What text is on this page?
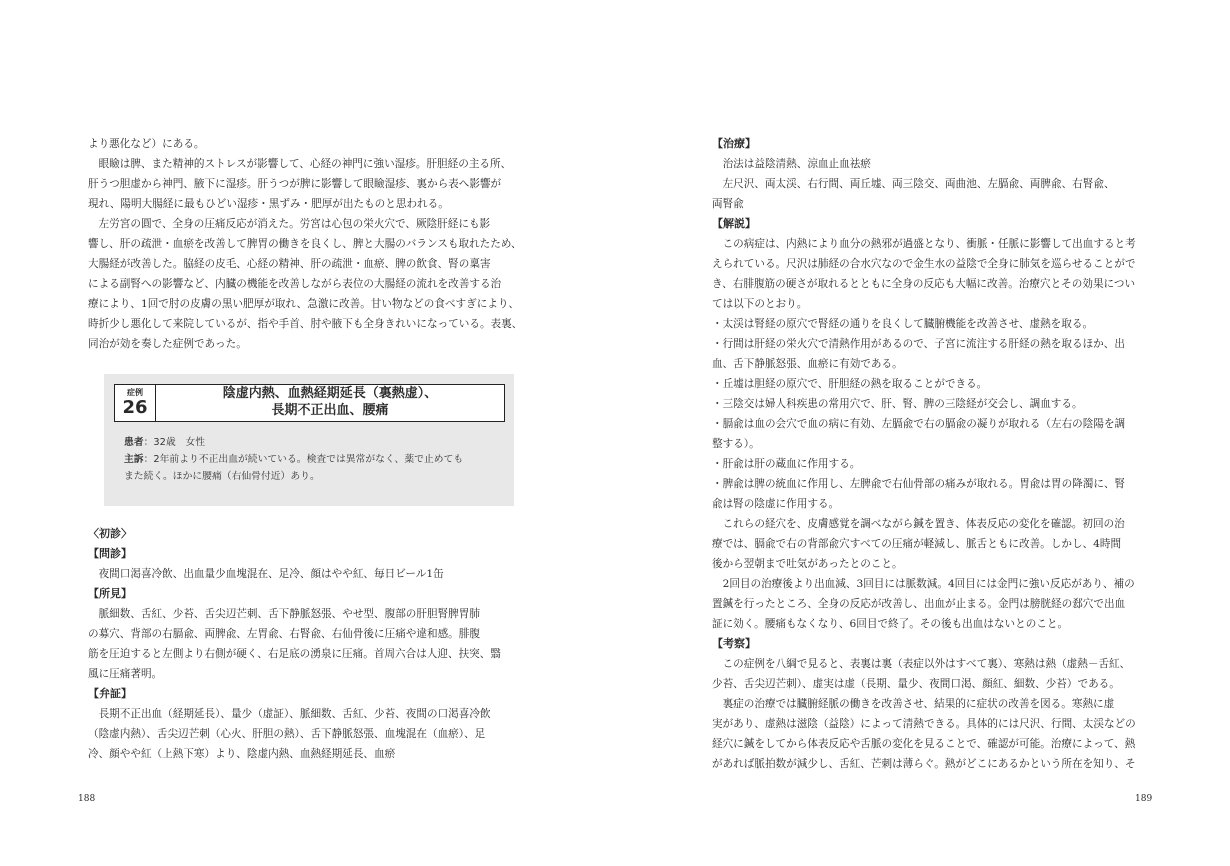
より悪化など）にある。

　眼瞼は脾、また精神的ストレスが影響して、心経の神門に強い湿疹。肝胆経の主る所、

肝うつ胆虚から神門、腋下に湿疹。肝うつが脾に影響して眼瞼湿疹、裏から表へ影響が

現れ、陽明大腸経に最もひどい湿疹・黒ずみ・肥厚が出たものと思われる。

　左労宮の圓で、全身の圧痛反応が消えた。労宮は心包の栄火穴で、厥陰肝経にも影

響し、肝の疏泄・血瘀を改善して脾胃の働きを良くし、脾と大腸のバランスも取れたため、

大腸経が改善した。脇経の皮毛、心経の精神、肝の疏泄・血瘀、脾の飲食、腎の稟害

による副腎への影響など、内臓の機能を改善しながら表位の大腸経の流れを改善する治

療により、1回で肘の皮膚の黒い肥厚が取れ、急激に改善。甘い物などの食べすぎにより、

時折少し悪化して来院しているが、指や手首、肘や腋下も全身きれいになっている。表裏、

同治が効を奏した症例であった。

症例
26
陰虚内熱、血熱経期延長（裏熱虚）、
長期不正出血、腰痛
患者：32歳　女性
主訴：2年前より不正出血が続いている。検査では異常がなく、薬で止めても
また続く。ほかに腰痛（右仙骨付近）あり。

〈初診〉

【問診】

　夜間口渇喜冷飲、出血量少血塊混在、足冷、顔はやや紅、毎日ビール1缶

【所見】

　脈細数、舌紅、少苔、舌尖辺芒刺、舌下静脈怒張、やせ型、腹部の肝胆腎脾胃肺

の募穴、背部の右膈兪、両脾兪、左胃兪、右腎兪、右仙骨後に圧痛や違和感。腓腹

筋を圧迫すると左側より右側が硬く、右足底の湧泉に圧痛。首周六合は人迎、扶突、翳

風に圧痛著明。

【弁証】

　長期不正出血（経期延長）、量少（虚証）、脈細数、舌紅、少苔、夜間の口渇喜冷飲

（陰虚内熱）、舌尖辺芒刺（心火、肝胆の熱）、舌下静脈怒張、血塊混在（血瘀）、足

冷、顔やや紅（上熱下寒）より、陰虚内熱、血熱経期延長、血瘀

188

【治療】

　治法は益陰清熱、涼血止血祛瘀

　左尺沢、両太渓、右行間、両丘墟、両三陰交、両曲池、左膈兪、両脾兪、右腎兪、

両腎兪

【解説】

　この病症は、内熱により血分の熱邪が過盛となり、衝脈・任脈に影響して出血すると考

えられている。尺沢は肺経の合水穴なので金生水の益陰で全身に肺気を巡らせることがで

き、右腓腹筋の硬さが取れるとともに全身の反応も大幅に改善。治療穴とその効果につい

ては以下のとおり。

・太渓は腎経の原穴で腎経の通りを良くして臓腑機能を改善させ、虚熱を取る。

・行間は肝経の栄火穴で清熱作用があるので、子宮に流注する肝経の熱を取るほか、出

血、舌下静脈怒張、血瘀に有効である。

・丘墟は胆経の原穴で、肝胆経の熱を取ることができる。

・三陰交は婦人科疾患の常用穴で、肝、腎、脾の三陰経が交会し、調血する。

・膈兪は血の会穴で血の病に有効、左膈兪で右の膈兪の凝りが取れる（左右の陰陽を調

整する）。

・肝兪は肝の蔵血に作用する。

・脾兪は脾の統血に作用し、左脾兪で右仙骨部の痛みが取れる。胃兪は胃の降濁に、腎

兪は腎の陰虚に作用する。

　これらの経穴を、皮膚感覚を調べながら鍼を置き、体表反応の変化を確認。初回の治

療では、膈兪で右の背部兪穴すべての圧痛が軽減し、脈舌ともに改善。しかし、4時間

後から翌朝まで吐気があったとのこと。

　2回目の治療後より出血減、3回目には脈数減。4回目には金門に強い反応があり、補の

置鍼を行ったところ、全身の反応が改善し、出血が止まる。金門は膀胱経の郄穴で出血

証に効く。腰痛もなくなり、6回目で終了。その後も出血はないとのこと。

【考察】

　この症例を八綱で見ると、表裏は裏（表症以外はすべて裏）、寒熱は熱（虚熱－舌紅、

少苔、舌尖辺芒刺）、虚実は虚（長期、量少、夜間口渇、顔紅、細数、少苔）である。

　裏症の治療では臓腑経脈の働きを改善させ、結果的に症状の改善を図る。寒熱に虚

実があり、虚熱は滋陰（益陰）によって清熱できる。具体的には尺沢、行間、太渓などの

経穴に鍼をしてから体表反応や舌脈の変化を見ることで、確認が可能。治療によって、熱

があれば脈拍数が減少し、舌紅、芒刺は薄らぐ。熱がどこにあるかという所在を知り、そ

189
